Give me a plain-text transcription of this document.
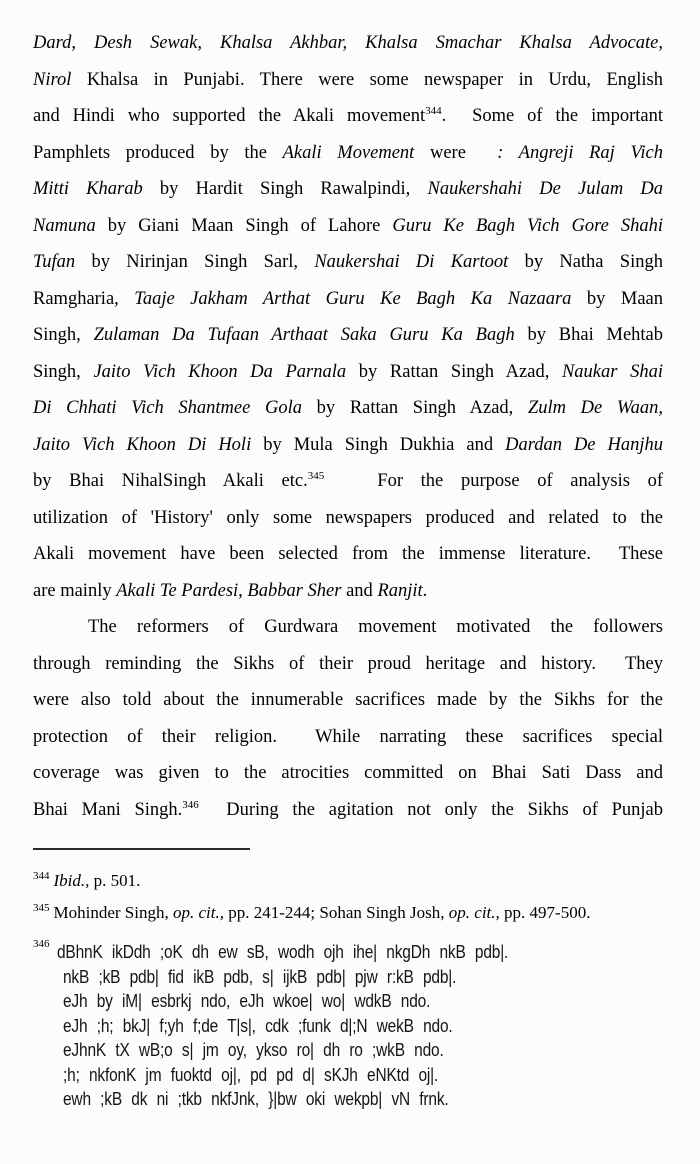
Dard, Desh Sewak, Khalsa Akhbar, Khalsa Smachar Khalsa Advocate,
Nirol Khalsa in Punjabi. There were some newspaper in Urdu, English
and Hindi who supported the Akali movement$^{344}$.  Some of the important
Pamphlets produced by the Akali Movement were  : Angreji Raj Vich
Mitti Kharab by Hardit Singh Rawalpindi, Naukershahi De Julam Da
Namuna by Giani Maan Singh of Lahore Guru Ke Bagh Vich Gore Shahi
Tufan by Nirinjan Singh Sarl, Naukershai Di Kartoot by Natha Singh
Ramgharia, Taaje Jakham Arthat Guru Ke Bagh Ka Nazaara by Maan
Singh, Zulaman Da Tufaan Arthaat Saka Guru Ka Bagh by Bhai Mehtab
Singh, Jaito Vich Khoon Da Parnala by Rattan Singh Azad, Naukar Shai
Di Chhati Vich Shantmee Gola by Rattan Singh Azad, Zulm De Waan,
Jaito Vich Khoon Di Holi by Mula Singh Dukhia and Dardan De Hanjhu
by Bhai NihalSingh Akali etc.$^{345}$   For the purpose of analysis of
utilization of 'History' only some newspapers produced and related to the
Akali movement have been selected from the immense literature.  These
are mainly Akali Te Pardesi, Babbar Sher and Ranjit.
The reformers of Gurdwara movement motivated the followers
through reminding the Sikhs of their proud heritage and history.  They
were also told about the innumerable sacrifices made by the Sikhs for the
protection of their religion.  While narrating these sacrifices special
coverage was given to the atrocities committed on Bhai Sati Dass and
Bhai Mani Singh.$^{346}$  During the agitation not only the Sikhs of Punjab
$^{344}$ Ibid., p. 501.
$^{345}$ Mohinder Singh, op. cit., pp. 241-244; Sohan Singh Josh, op. cit., pp. 497-500.
346 dBhnK ikDdh ;oK dh ew sB, wodh ojh ihe| nkgDh nkB pdb|.
nkB ;kB pdb| fid ikB pdb, s| ijkB pdb| pjw r:kB pdb|.
eJh by iM| esbrkj ndo, eJh wkoe| wo| wdkB ndo.
eJh ;h; bkJ| f;yh f;de T|s|, cdk ;funk d|;N wekB ndo.
eJhnK tX wB;o s| jm oy, ykso ro| dh ro ;wkB ndo.
;h; nkfonK jm fuoktd oj|, pd pd d| sKJh eNKtd oj|.
ewh ;kB dk ni ;tkb nkfJnk, }|bw oki wekpb| vN frnk.
